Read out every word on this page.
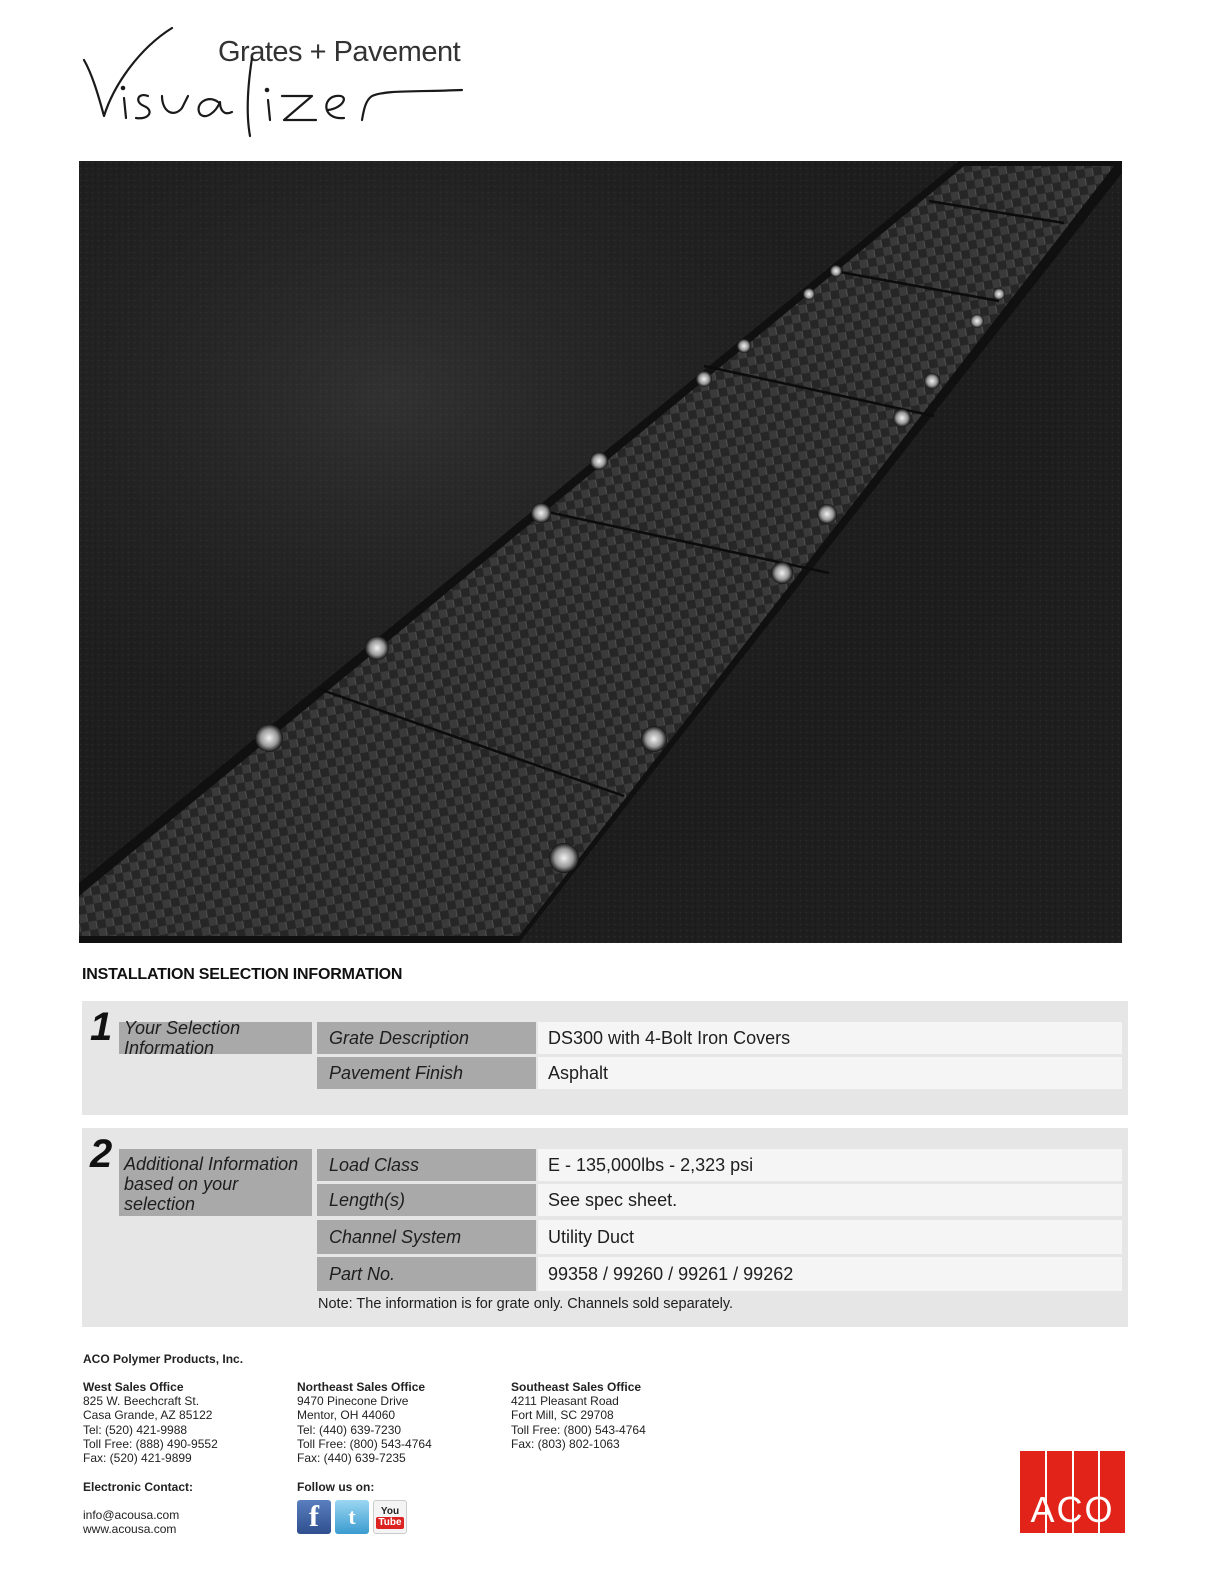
Grates + Pavement
INSTALLATION SELECTION INFORMATION
1 Your Selection Information
Grate Description	DS300 with 4-Bolt Iron Covers
Pavement Finish	Asphalt
2 Additional Information
based on your selection
Load Class	E - 135,000lbs - 2,323 psi
Length(s)	See spec sheet.
Channel System	Utility Duct
Part No.	99358 / 99260 / 99261 / 99262
Note: The information is for grate only. Channels sold separately.
ACO Polymer Products, Inc.
West Sales Office
825 W. Beechcraft St.
Casa Grande, AZ 85122
Tel: (520) 421-9988
Toll Free: (888) 490-9552
Fax: (520) 421-9899
Northeast Sales Office
9470 Pinecone Drive
Mentor, OH 44060
Tel: (440) 639-7230
Toll Free: (800) 543-4764
Fax: (440) 639-7235
Southeast Sales Office
4211 Pleasant Road
Fort Mill, SC 29708
Toll Free: (800) 543-4764
Fax: (803) 802-1063
Electronic Contact:
info@acousa.com
www.acousa.com
Follow us on:
f	t	You
Tube	ACO
